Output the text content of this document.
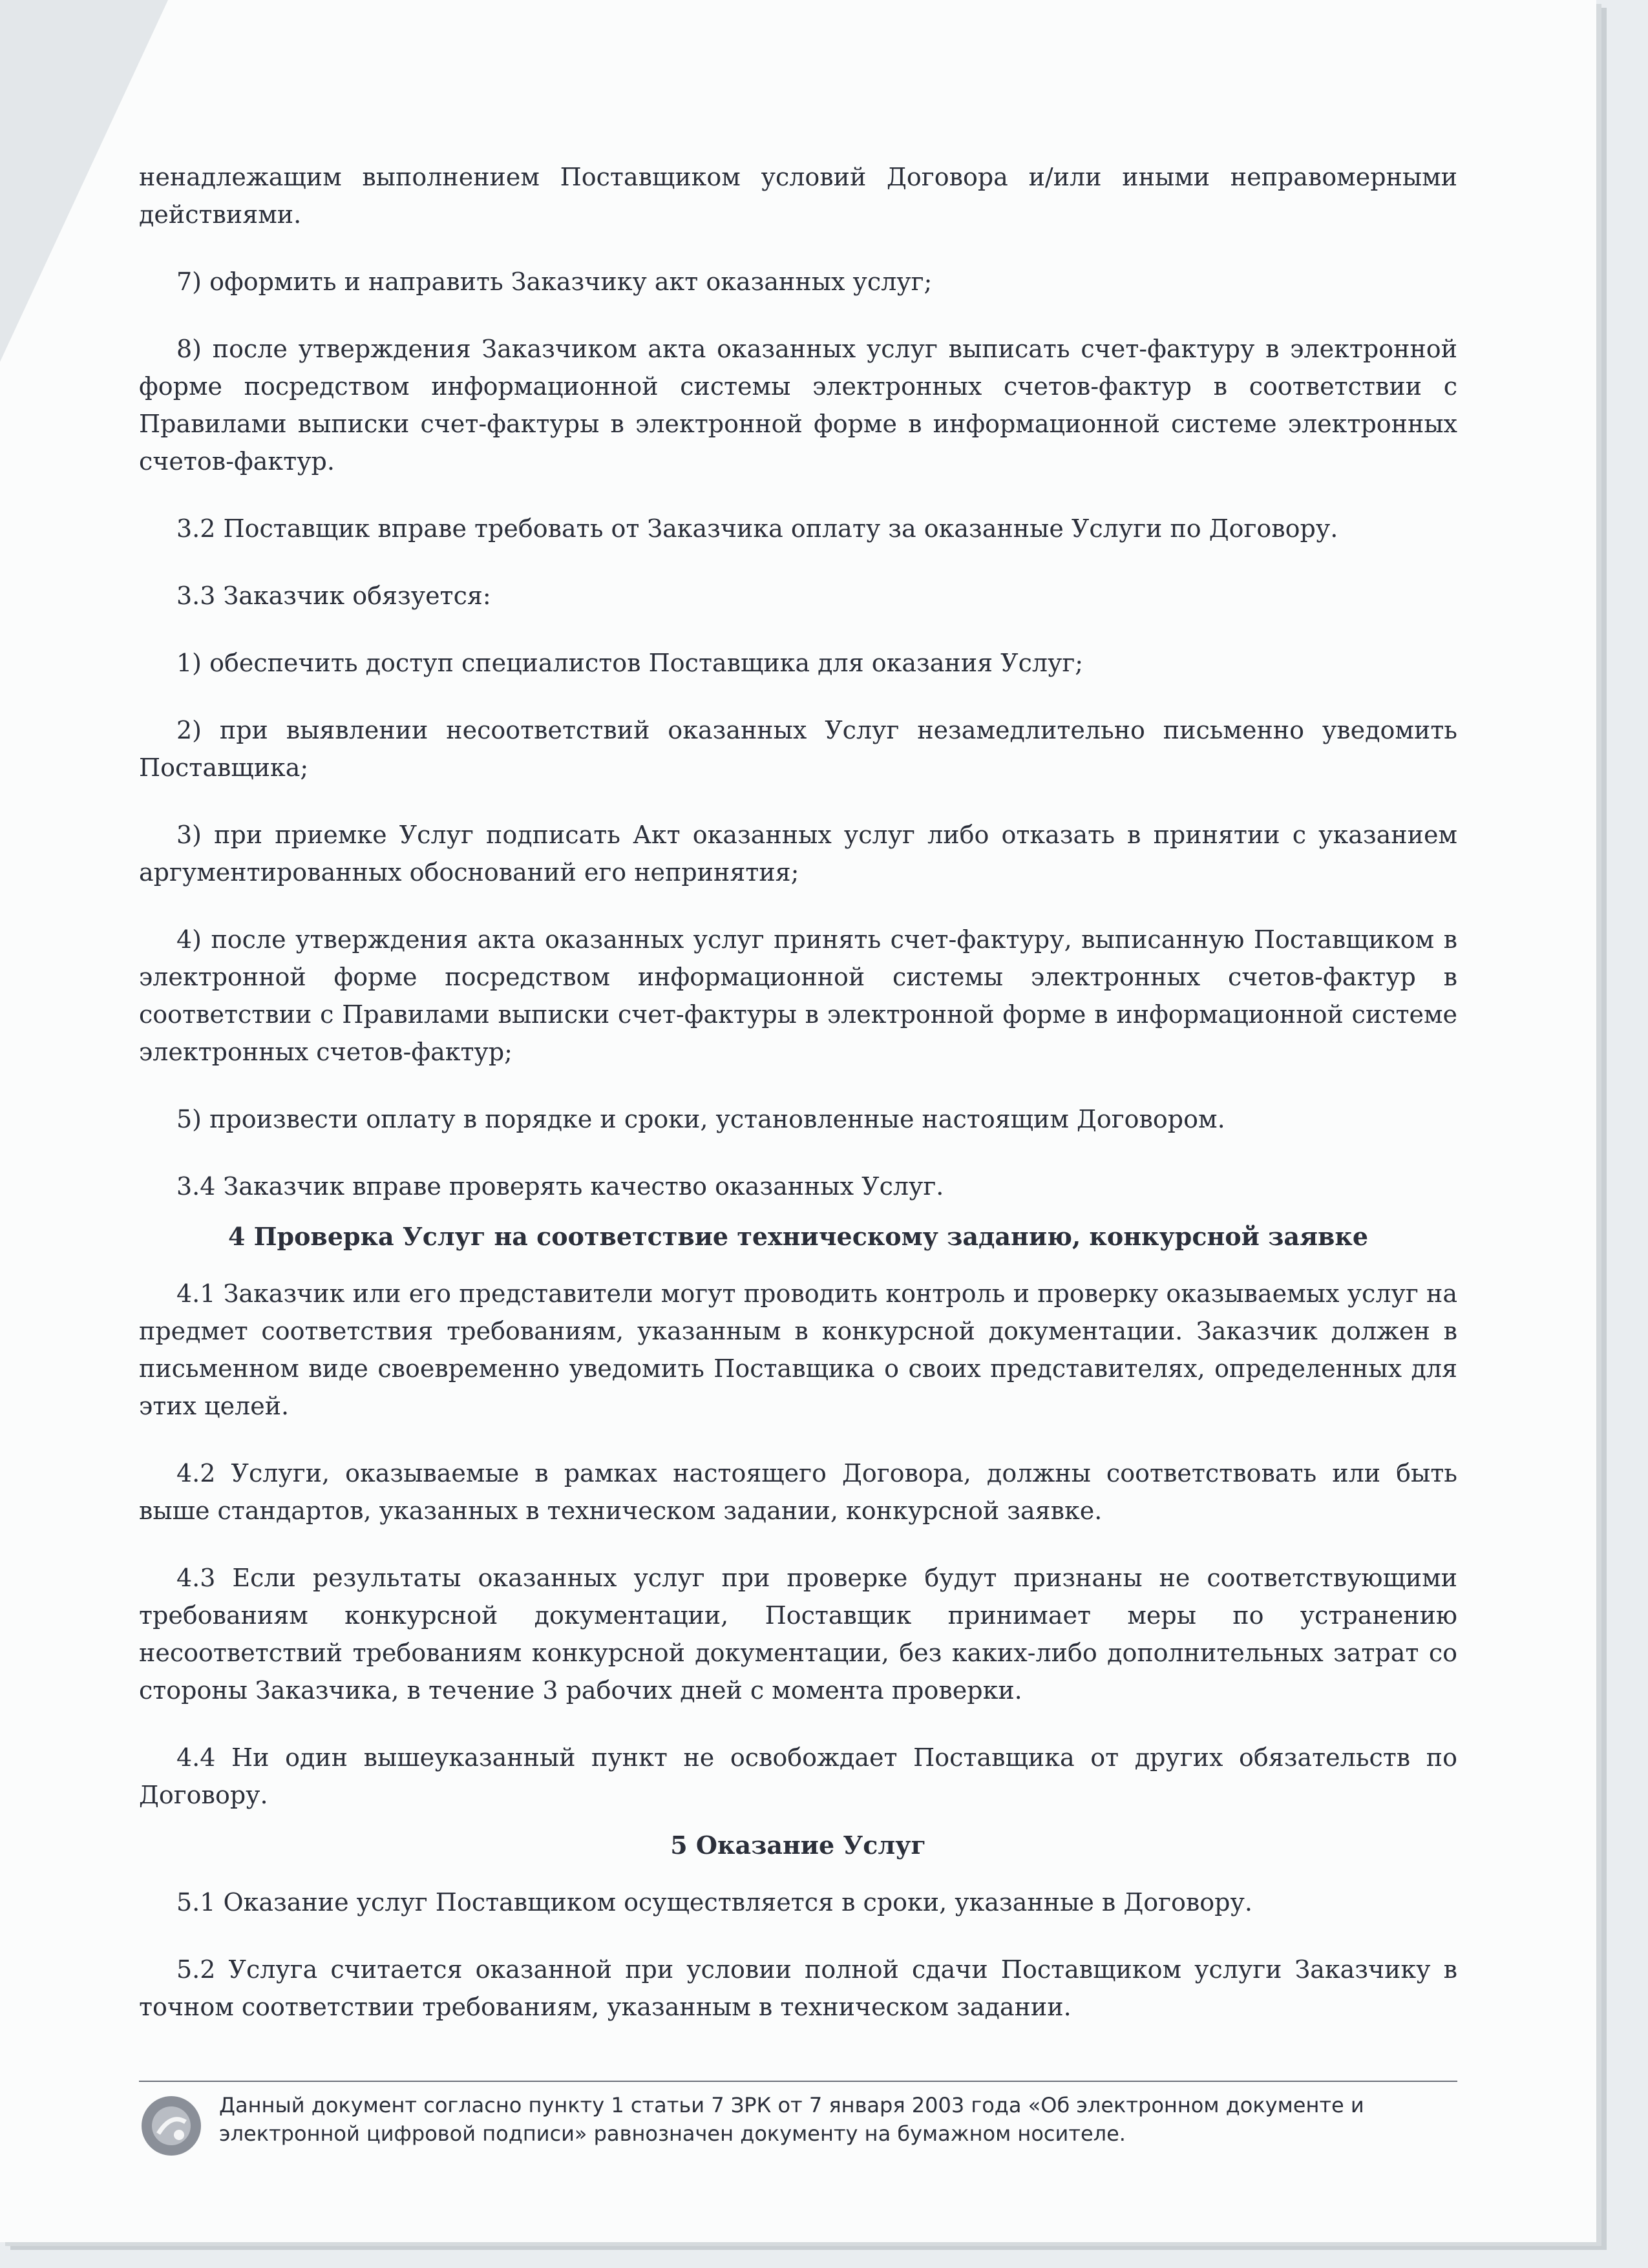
ненадлежащим выполнением Поставщиком условий Договора и/или иными неправомерными действиями.

7) оформить и направить Заказчику акт оказанных услуг;

8) после утверждения Заказчиком акта оказанных услуг выписать счет-фактуру в электронной форме посредством информационной системы электронных счетов-фактур в соответствии с Правилами выписки счет-фактуры в электронной форме в информационной системе электронных счетов-фактур.

3.2 Поставщик вправе требовать от Заказчика оплату за оказанные Услуги по Договору.

3.3 Заказчик обязуется:

1) обеспечить доступ специалистов Поставщика для оказания Услуг;

2) при выявлении несоответствий оказанных Услуг незамедлительно письменно уведомить Поставщика;

3) при приемке Услуг подписать Акт оказанных услуг либо отказать в принятии с указанием аргументированных обоснований его непринятия;

4) после утверждения акта оказанных услуг принять счет-фактуру, выписанную Поставщиком в электронной форме посредством информационной системы электронных счетов-фактур в соответствии с Правилами выписки счет-фактуры в электронной форме в информационной системе электронных счетов-фактур;

5) произвести оплату в порядке и сроки, установленные настоящим Договором.

3.4 Заказчик вправе проверять качество оказанных Услуг.

4 Проверка Услуг на соответствие техническому заданию, конкурсной заявке

4.1 Заказчик или его представители могут проводить контроль и проверку оказываемых услуг на предмет соответствия требованиям, указанным в конкурсной документации. Заказчик должен в письменном виде своевременно уведомить Поставщика о своих представителях, определенных для этих целей.

4.2 Услуги, оказываемые в рамках настоящего Договора, должны соответствовать или быть выше стандартов, указанных в техническом задании, конкурсной заявке.

4.3 Если результаты оказанных услуг при проверке будут признаны не соответствующими требованиям конкурсной документации, Поставщик принимает меры по устранению несоответствий требованиям конкурсной документации, без каких-либо дополнительных затрат со стороны Заказчика, в течение 3 рабочих дней с момента проверки.

4.4 Ни один вышеуказанный пункт не освобождает Поставщика от других обязательств по Договору.

5 Оказание Услуг

5.1 Оказание услуг Поставщиком осуществляется в сроки, указанные в Договору.

5.2 Услуга считается оказанной при условии полной сдачи Поставщиком услуги Заказчику в точном соответствии требованиям, указанным в техническом задании.

Данный документ согласно пункту 1 статьи 7 ЗРК от 7 января 2003 года «Об электронном документе и электронной цифровой подписи» равнозначен документу на бумажном носителе.
